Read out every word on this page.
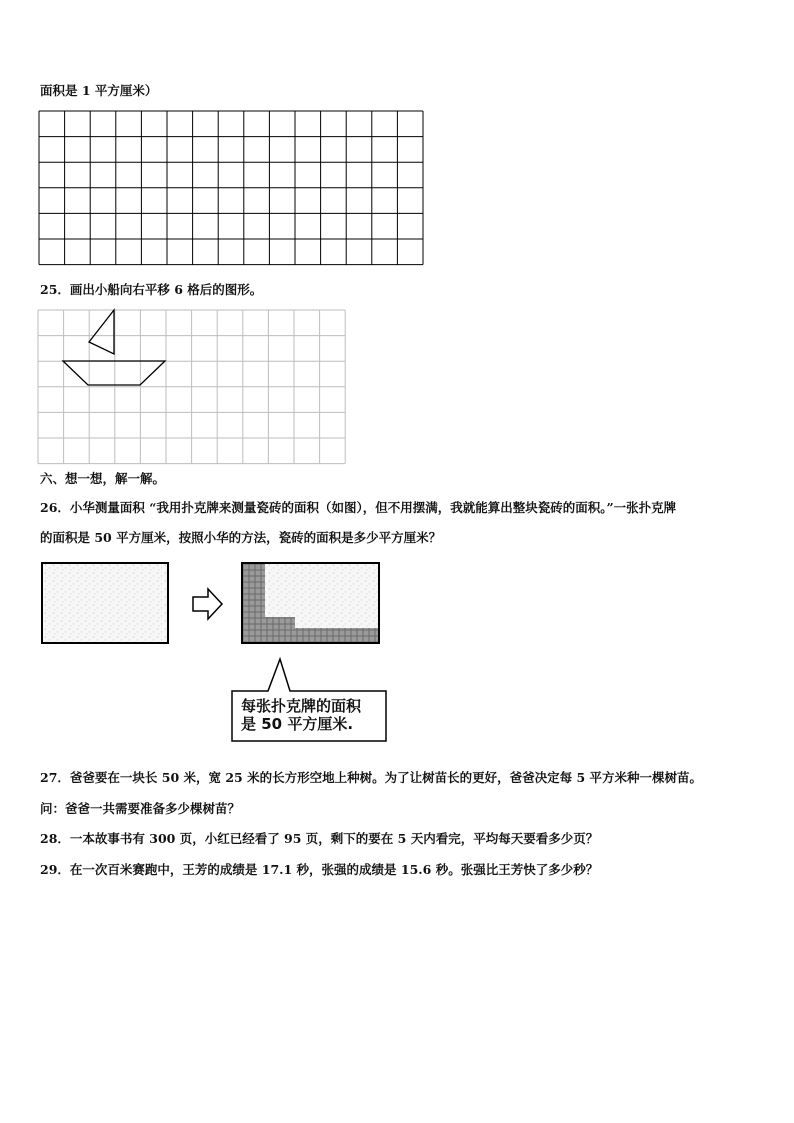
面积是 1 平方厘米）
25．画出小船向右平移 6 格后的图形。
六、想一想，解一解。
26．小华测量面积 “我用扑克牌来测量瓷砖的面积（如图），但不用摆满，我就能算出整块瓷砖的面积。”一张扑克牌
的面积是 50 平方厘米，按照小华的方法，瓷砖的面积是多少平方厘米？
每张扑克牌的面积
是 50 平方厘米.
27．爸爸要在一块长 50 米，宽 25 米的长方形空地上种树。为了让树苗长的更好，爸爸决定每 5 平方米种一棵树苗。
问：爸爸一共需要准备多少棵树苗？
28．一本故事书有 300 页，小红已经看了 95 页，剩下的要在 5 天内看完，平均每天要看多少页？
29．在一次百米赛跑中，王芳的成绩是 17.1 秒，张强的成绩是 15.6 秒。张强比王芳快了多少秒？
